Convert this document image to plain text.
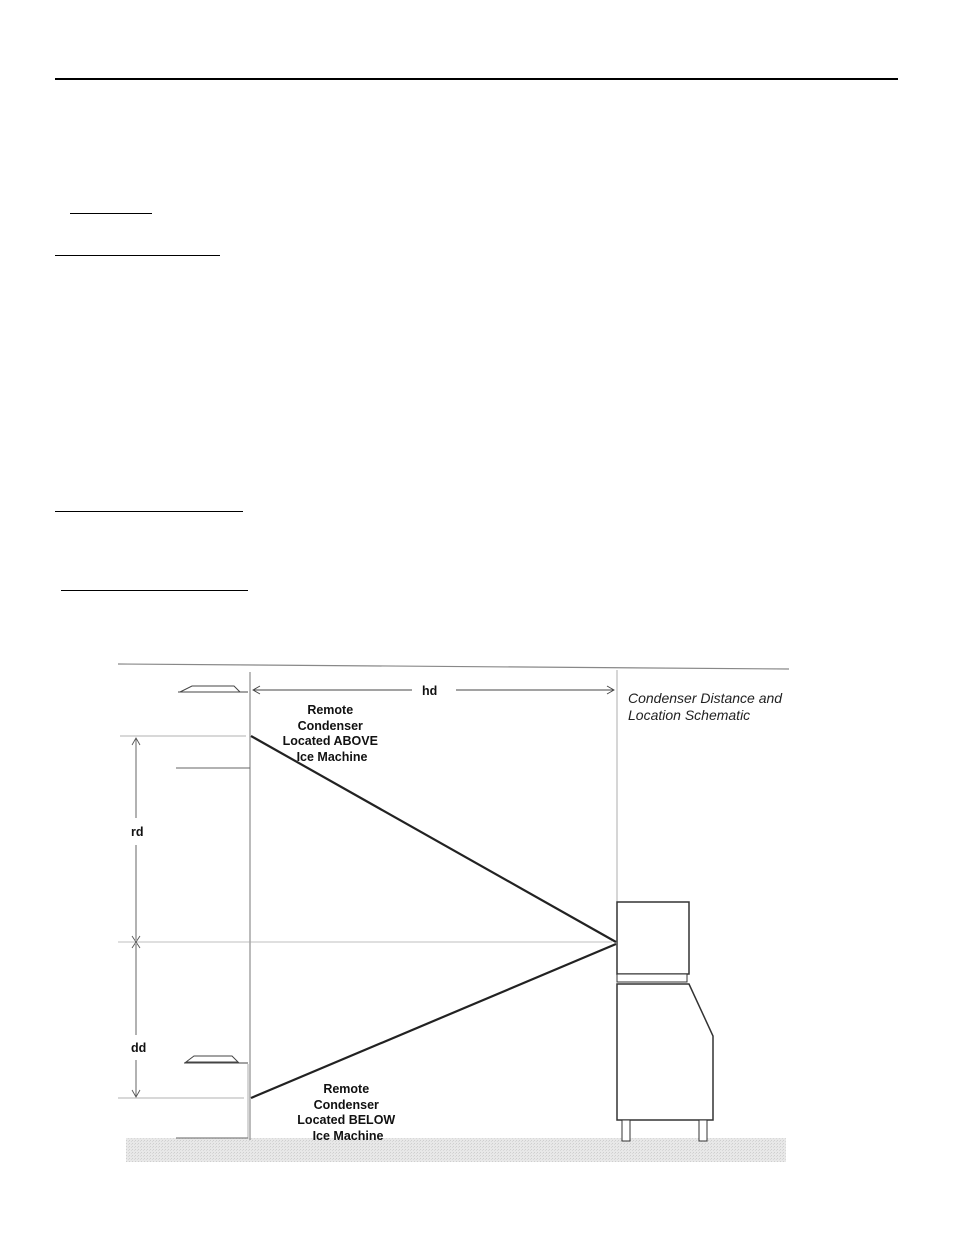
hd
rd
dd
Remote Condenser Located ABOVE Ice Machine
Remote Condenser Located BELOW Ice Machine
Condenser Distance and Location Schematic
